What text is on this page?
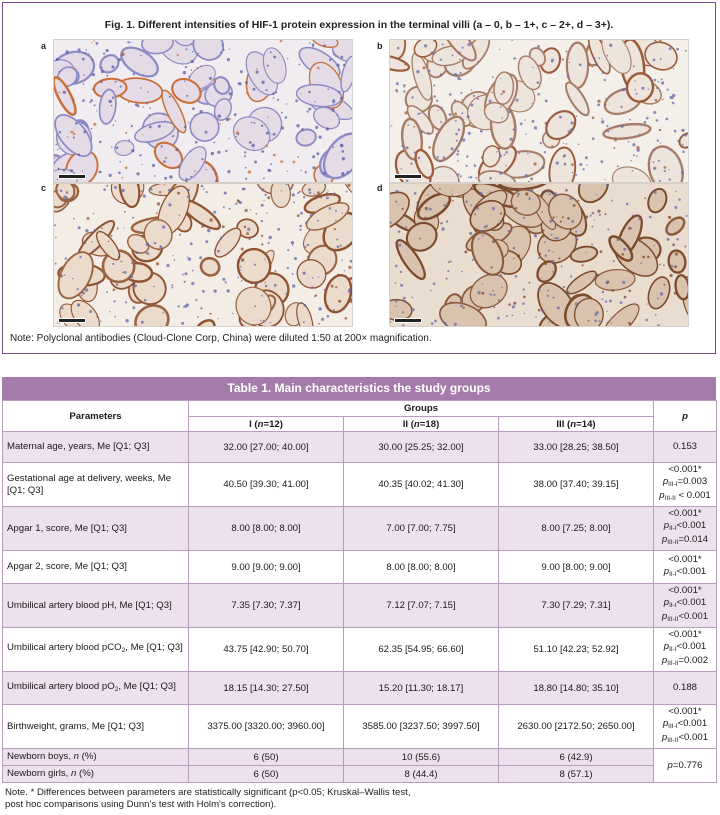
Fig. 1. Different intensities of HIF-1 protein expression in the terminal villi (a – 0, b – 1+, c – 2+, d – 3+).
a	b
c	d
Note: Polyclonal antibodies (Cloud-Clone Corp, China) were diluted 1:50 at 200× magnification.
Table 1. Main characteristics the study groups
Parameters	Groups			p
	I (n=12)	II (n=18)	III (n=14)	
Maternal age, years, Me [Q1; Q3]	32.00 [27.00; 40.00]	30.00 [25.25; 32.00]	33.00 [28.25; 38.50]	0.153
Gestational age at delivery, weeks, Me [Q1; Q3]	40.50 [39.30; 41.00]	40.35 [40.02; 41.30]	38.00 [37.40; 39.15]	<0.001*
$p_{III-I}=0.003$
$p_{III-II} < 0.001$

Apgar 1, score, Me [Q1; Q3]	8.00 [8.00; 8.00]	7.00 [7.00; 7.75]	8.00 [7.25; 8.00]	<0.001*
$p_{II-I}<0.001$
$p_{III-II}=0.014$

Apgar 2, score, Me [Q1; Q3]	9.00 [9.00; 9.00]	8.00 [8.00; 8.00]	9.00 [8.00; 9.00]	<0.001*
$p_{II-I}<0.001$

Umbilical artery blood pH, Me [Q1; Q3]	7.35 [7.30; 7.37]	7.12 [7.07; 7.15]	7.30 [7.29; 7.31]	<0.001*
$p_{II-I}<0.001$
$p_{III-II}<0.001$

Umbilical artery blood pCO$_2$, Me [Q1; Q3]	43.75 [42.90; 50.70]	62.35 [54.95; 66.60]	51.10 [42.23; 52.92]	<0.001*
$p_{II-I}<0.001$
$p_{III-II}=0.002$

Umbilical artery blood $pO_2$, Me [Q1; Q3]	18.15 [14.30; 27.50]	15.20 [11.30; 18.17]	18.80 [14.80; 35.10]	0.188
Birthweight, grams, Me [Q1; Q3]	3375.00 [3320.00; 3960.00]	3585.00 [3237.50; 3997.50]	2630.00 [2172.50; 2650.00]	<0.001*
$p_{III-I}<0.001$
$p_{III-II}<0.001$

Newborn boys, n (%)	6 (50)	10 (55.6)	6 (42.9)	p=0.776
Newborn girls, n (%)	6 (50)	8 (44.4)	8 (57.1)	
Note. * Differences between parameters are statistically significant (p<0.05; Kruskal–Wallis test,
post hoc comparisons using Dunn's test with Holm's correction).
